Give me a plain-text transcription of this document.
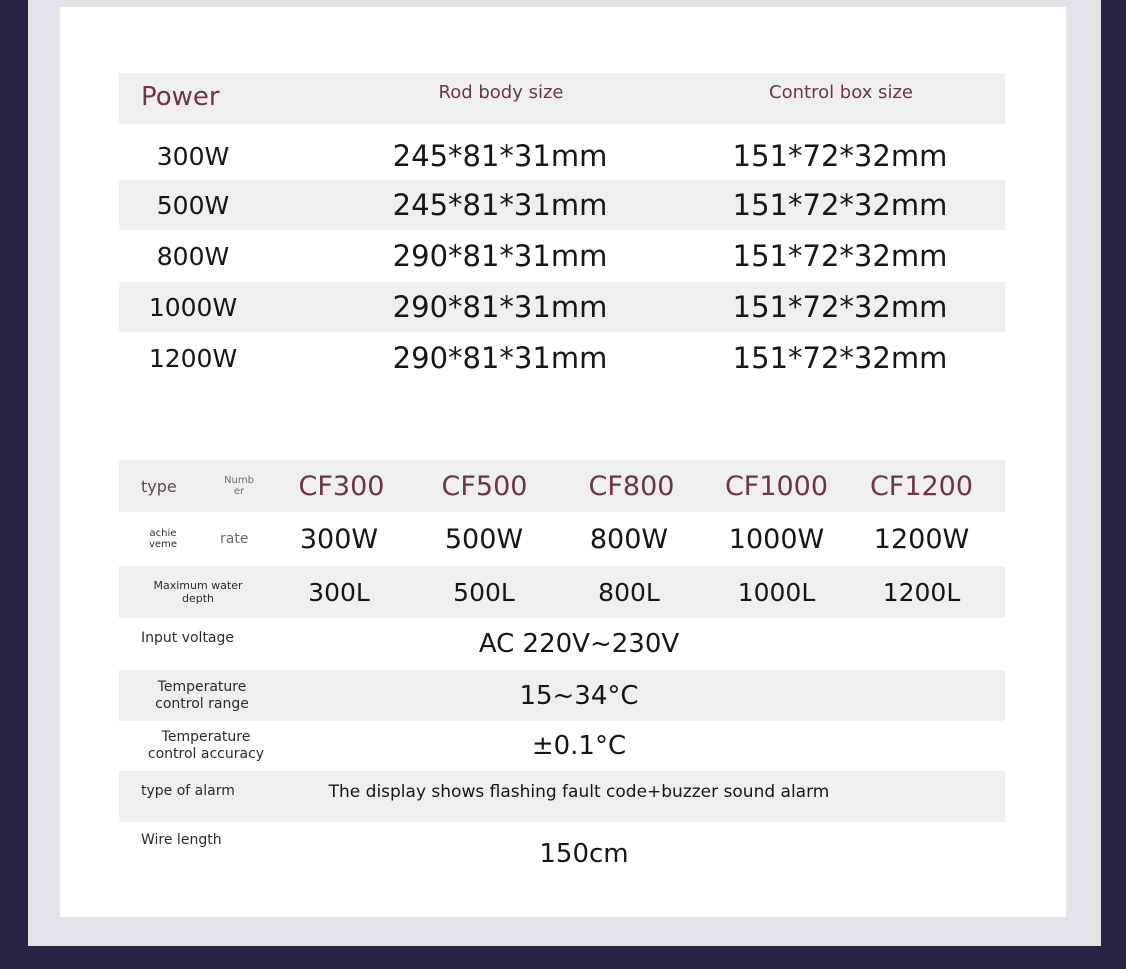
Power	Rod body size	Control box size
300W	245*81*31mm	151*72*32mm
500W	245*81*31mm	151*72*32mm
800W	290*81*31mm	151*72*32mm
1000W	290*81*31mm	151*72*32mm
1200W	290*81*31mm	151*72*32mm
type	Numb er	CF300	CF500	CF800	CF1000	CF1200
achie veme	rate	300W	500W	800W	1000W	1200W
Maximum water depth	300L	500L	800L	1000L	1200L
Input voltage	AC 220V~230V
Temperature control range	15~34°C
Temperature control accuracy	±0.1°C
type of alarm	The display shows flashing fault code+buzzer sound alarm
Wire length	150cm
